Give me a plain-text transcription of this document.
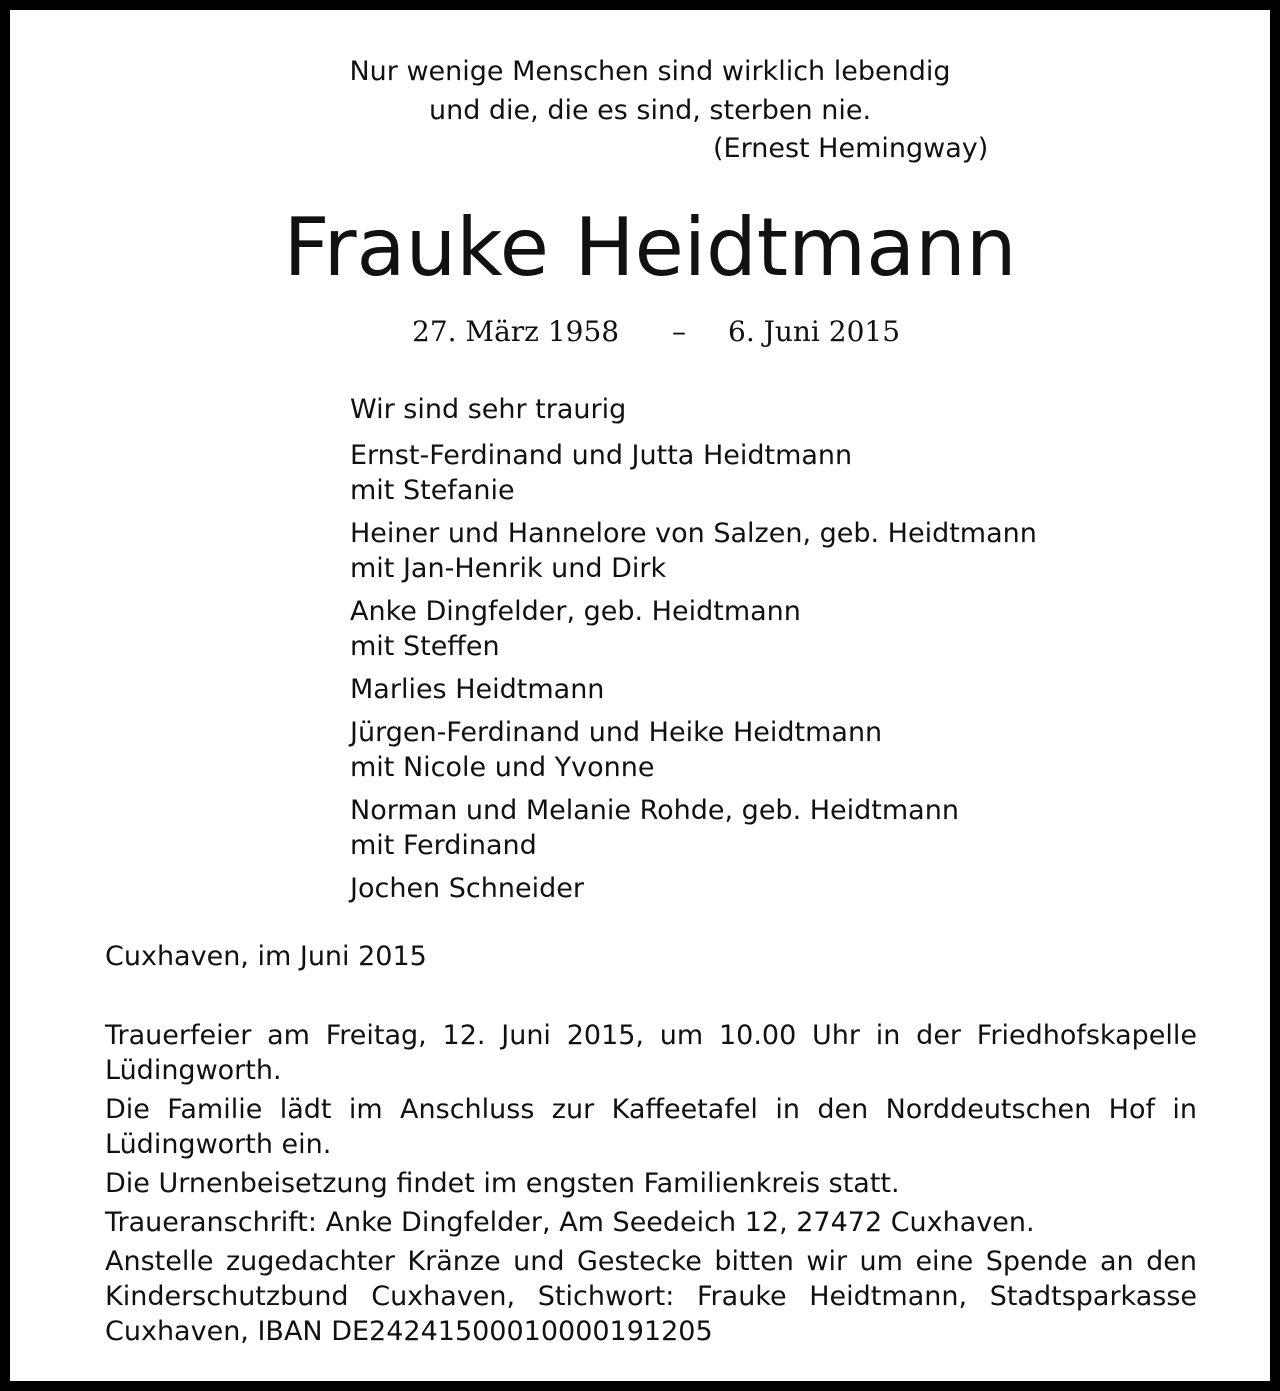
Nur wenige Menschen sind wirklich lebendig
und die, die es sind, sterben nie.
(Ernest Hemingway)
Frauke Heidtmann
27. März 1958 – 6. Juni 2015
Wir sind sehr traurig
Ernst-Ferdinand und Jutta Heidtmann
mit Stefanie
Heiner und Hannelore von Salzen, geb. Heidtmann
mit Jan-Henrik und Dirk
Anke Dingfelder, geb. Heidtmann
mit Steffen
Marlies Heidtmann
Jürgen-Ferdinand und Heike Heidtmann
mit Nicole und Yvonne
Norman und Melanie Rohde, geb. Heidtmann
mit Ferdinand
Jochen Schneider
Cuxhaven, im Juni 2015

Trauerfeier am Freitag, 12. Juni 2015, um 10.00 Uhr in der Friedhofskapelle Lüdingworth.

Die Familie lädt im Anschluss zur Kaffeetafel in den Norddeutschen Hof in Lüdingworth ein.

Die Urnenbeisetzung findet im engsten Familienkreis statt.

Traueranschrift: Anke Dingfelder, Am Seedeich 12, 27472 Cuxhaven.

Anstelle zugedachter Kränze und Gestecke bitten wir um eine Spende an den Kinderschutzbund Cuxhaven, Stichwort: Frauke Heidtmann, Stadtsparkasse Cuxhaven, IBAN DE24241500010000191205
